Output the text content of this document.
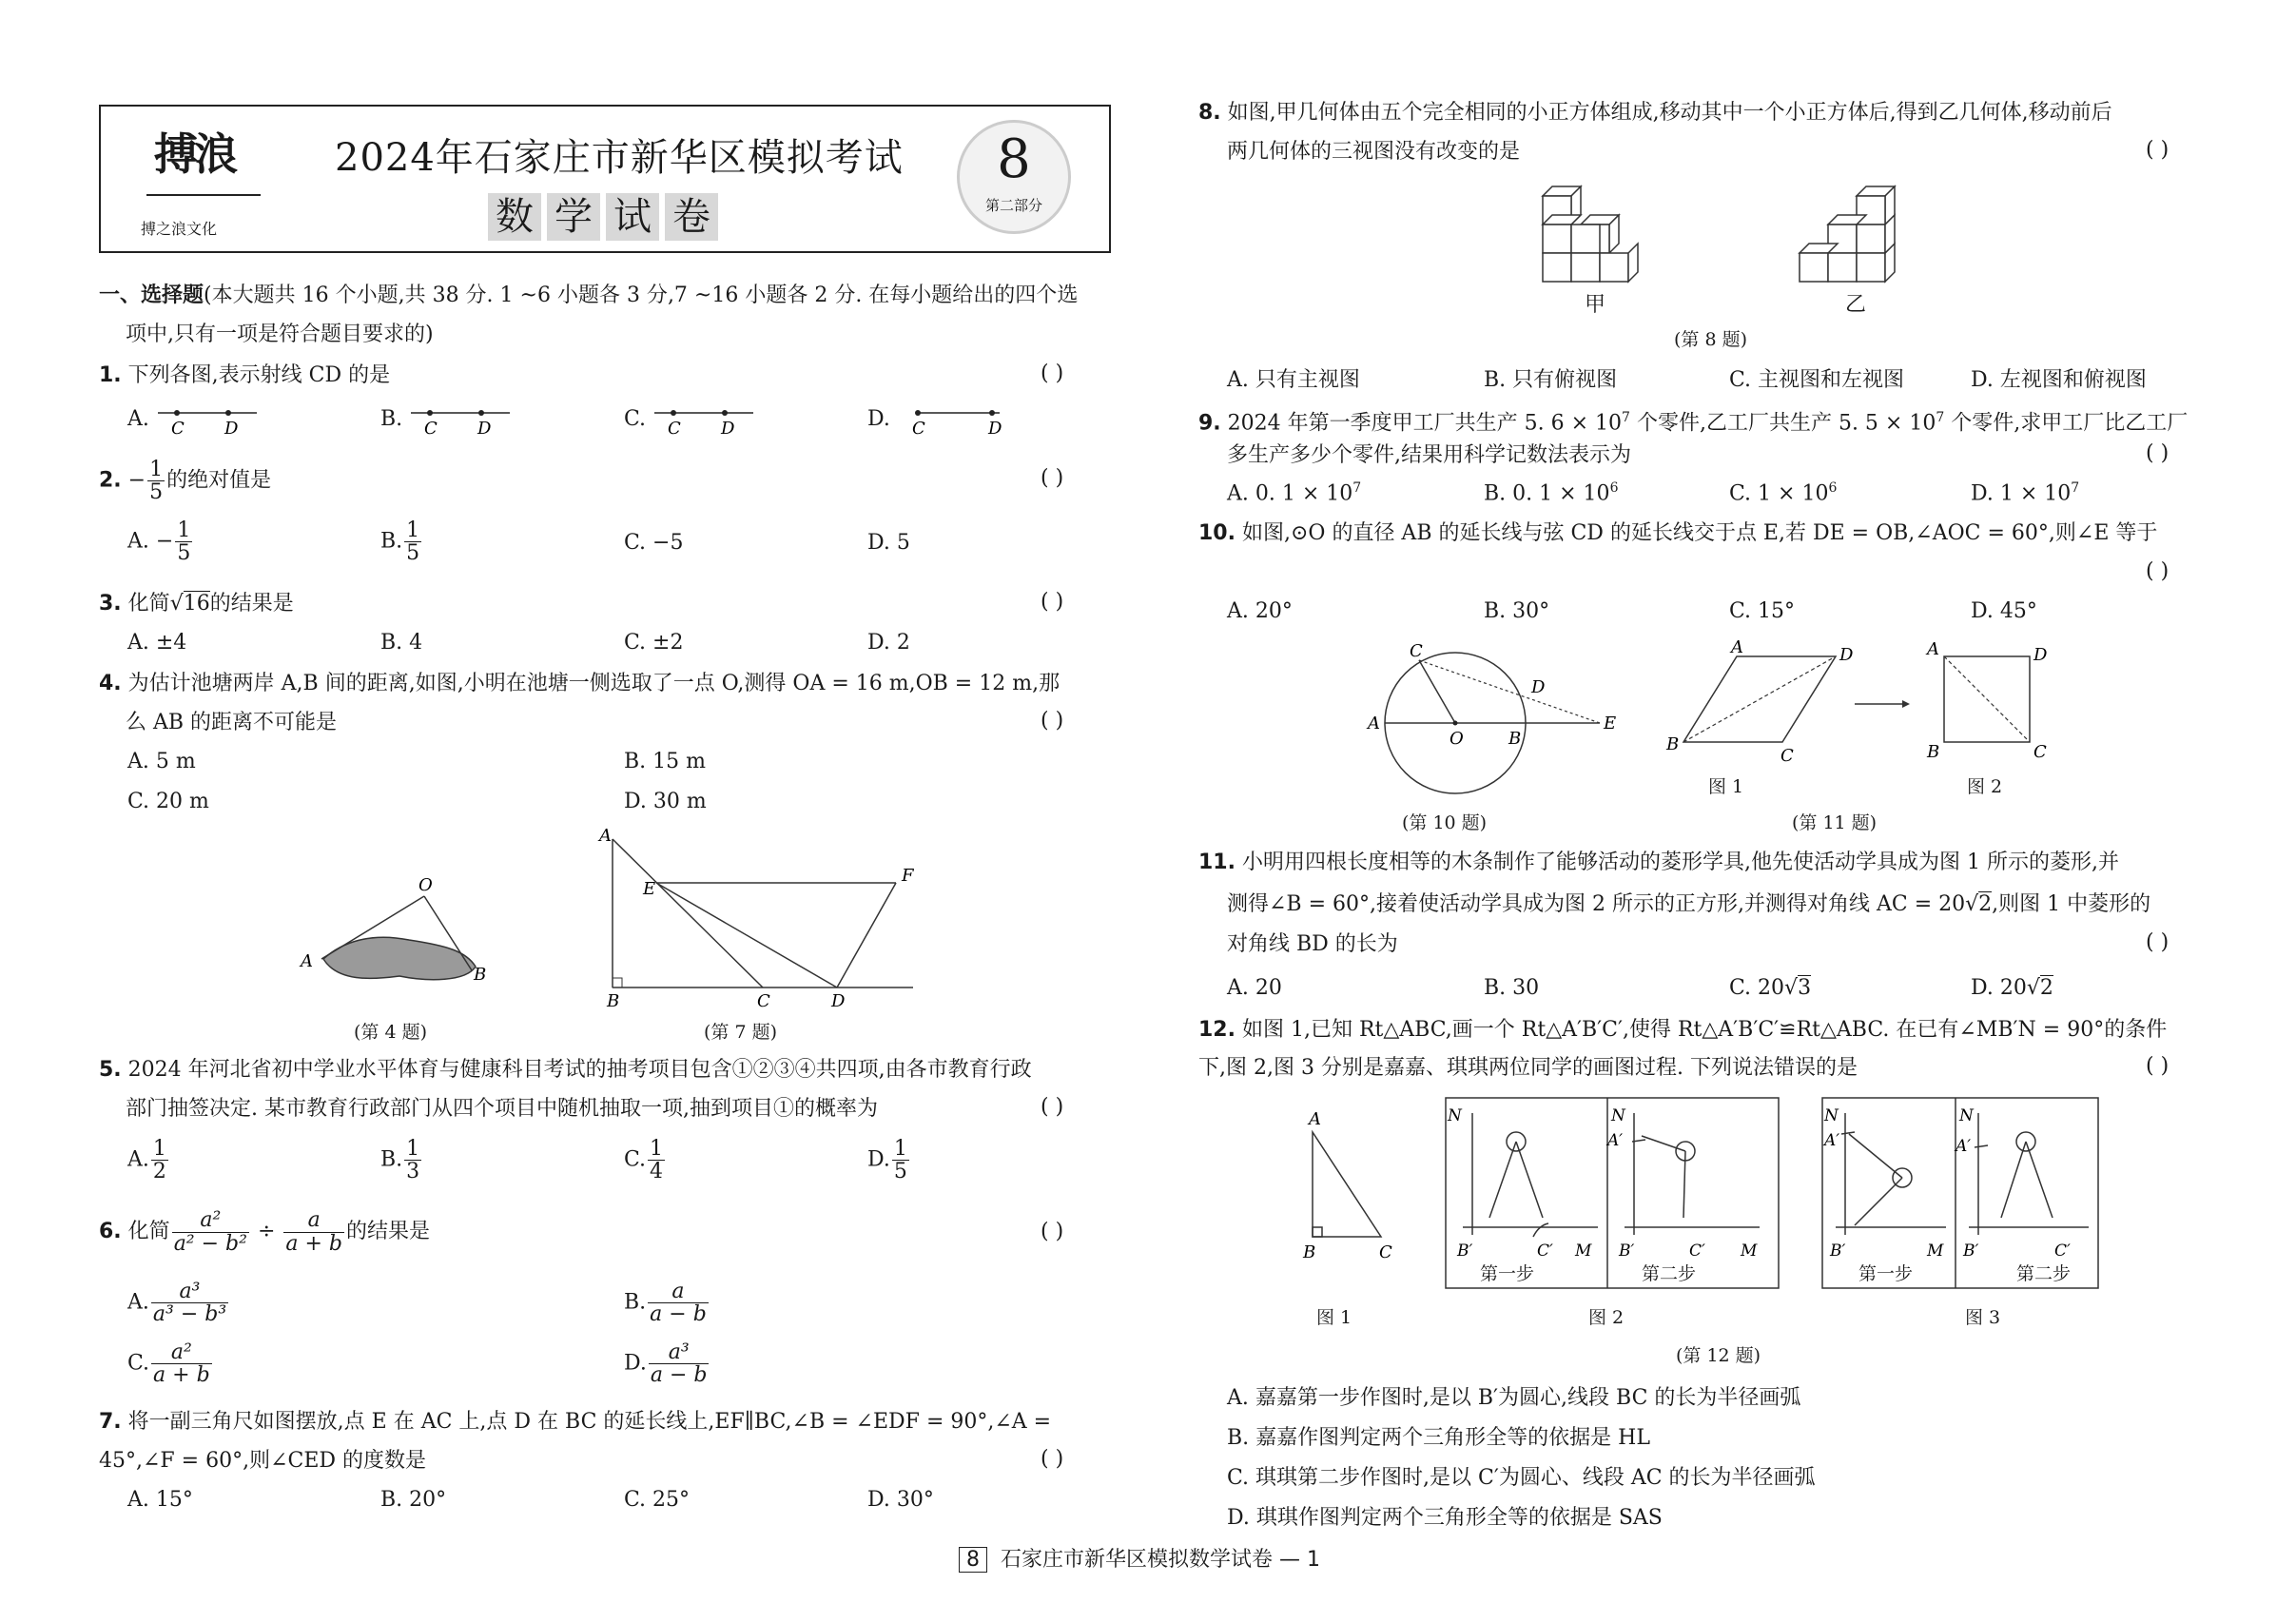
搏浪
搏之浪文化
2024年石家庄市新华区模拟考试
数 学 试 卷
8
第二部分
一、选择题(本大题共 16 个小题,共 38 分. 1 ~6 小题各 3 分,7 ~16 小题各 2 分. 在每小题给出的四个选
项中,只有一项是符合题目要求的)
1. 下列各图,表示射线 CD 的是	( )
A. C D	B. C D	C. C D	D. C	D
2. − $\frac{1}{5}$ 的绝对值是	( )
A. − $\frac{1}{5}$	B. $\frac{1}{5}$	C. −5	D. 5
3. 化简√16的结果是	( )
A. ±4	B. 4	C. ±2	D. 2
4. 为估计池塘两岸 A,B 间的距离,如图,小明在池塘一侧选取了一点 O,测得 OA = 16 m,OB = 12 m,那
么 AB 的距离不可能是	( )
A. 5 m	B. 15 m
C. 20 m	D. 30 m
O
A
B
(第 4 题)
A
E
F
B	C	D
(第 7 题)
5. 2024 年河北省初中学业水平体育与健康科目考试的抽考项目包含①②③④共四项,由各市教育行政
部门抽签决定. 某市教育行政部门从四个项目中随机抽取一项,抽到项目①的概率为	( )
A. $\frac{1}{2}$	B. $\frac{1}{3}$	C. $\frac{1}{4}$	D. $\frac{1}{5}$
6. 化简 $\frac{\text{a²}}{\text{a² − b²}} \div \frac{a}{a + b}$ 的结果是	( )
A. $\frac{\text{a³}}{\text{a³ − b³}}$	B. $\frac{a}{a - b}$
C. $\frac{\text{a²}}{a + b}$	D. $\frac{\text{a³}}{a - b}$
7. 将一副三角尺如图摆放,点 E 在 AC 上,点 D 在 BC 的延长线上,EF∥BC,∠B = ∠EDF = 90°,∠A =
45°,∠F = 60°,则∠CED 的度数是	( )
A. 15°	B. 20°	C. 25°	D. 30°
8. 如图,甲几何体由五个完全相同的小正方体组成,移动其中一个小正方体后,得到乙几何体,移动前后
两几何体的三视图没有改变的是	( )
甲	乙
(第 8 题)
A. 只有主视图	B. 只有俯视图	C. 主视图和左视图	D. 左视图和俯视图
9. 2024 年第一季度甲工厂共生产 5. $6 \times 10^7$ 个零件,乙工厂共生产 5. $5 \times 10^7$ 个零件,求甲工厂比乙工厂
多生产多少个零件,结果用科学记数法表示为	( )
A. 0. $1 \times 10^7$	B. 0. $1 \times 10^6$	C. $1 \times 10^6$	D. $1 \times 10^7$
10. 如图,⊙O 的直径 AB 的延长线与弦 CD 的延长线交于点 E,若 DE = OB,∠AOC = 60°,则∠E 等于
( )
A. 20°	B. 30°	C. 15°	D. 45°
C
D
A
O	B
E
(第 10 题)
A	D
B
C
A	D
B	C
图 1	图 2
(第 11 题)
11. 小明用四根长度相等的木条制作了能够活动的菱形学具,他先使活动学具成为图 1 所示的菱形,并
测得∠B = 60°,接着使活动学具成为图 2 所示的正方形,并测得对角线 AC = 20√2,则图 1 中菱形的
对角线 BD 的长为	( )
A. 20	B. 30	C. 20√3	D. 20√2
12. 如图 1,已知 Rt△ABC,画一个 Rt△A′B′C′,使得 Rt△A′B′C′≌Rt△ABC. 在已有∠MB′N = 90°的条件
下,图 2,图 3 分别是嘉嘉、琪琪两位同学的画图过程. 下列说法错误的是	( )
A
B	C
N
B′	C′ M
N
A′
B′	C′ M
N
A′
B′	M
N
A′
B′	C′
第一步	第二步	第一步	第二步
图 1	图 2	图 3
(第 12 题)
A. 嘉嘉第一步作图时,是以 B′为圆心,线段 BC 的长为半径画弧
B. 嘉嘉作图判定两个三角形全等的依据是 HL
C. 琪琪第二步作图时,是以 C′为圆心、线段 AC 的长为半径画弧
D. 琪琪作图判定两个三角形全等的依据是 SAS
8 石家庄市新华区模拟数学试卷 — 1
